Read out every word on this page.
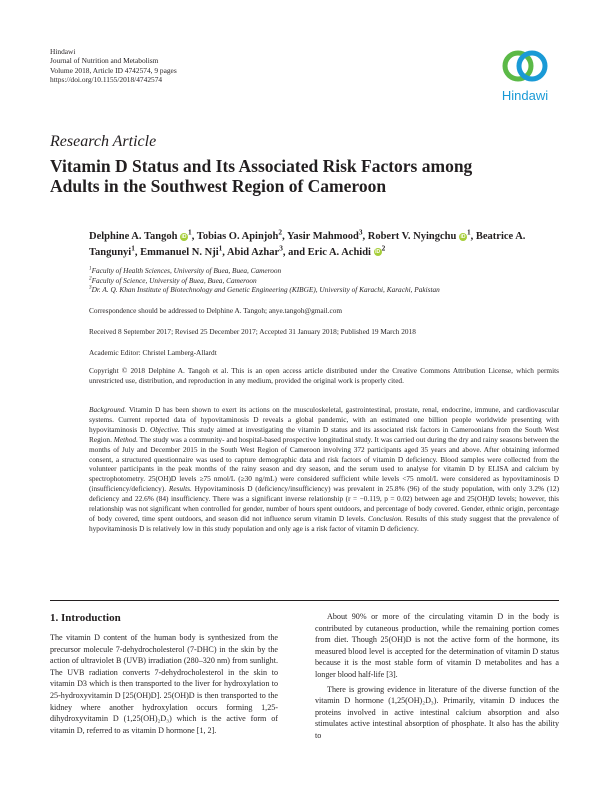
Hindawi
Journal of Nutrition and Metabolism
Volume 2018, Article ID 4742574, 9 pages
https://doi.org/10.1155/2018/4742574
Hindawi
Research Article
Vitamin D Status and Its Associated Risk Factors among Adults in the Southwest Region of Cameroon
Delphine A. Tangoh $iD^1$, Tobias O. Apinjoh$^2$, Yasir Mahmood$^3$, Robert V. Nyingchu $iD^1$, Beatrice A. Tangunyi$^1$, Emmanuel N. Nji$^1$, Abid Azhar$^3$, and Eric A. Achidi $iD^2$
$^1$Faculty of Health Sciences, University of Buea, Buea, Cameroon
$^2$Faculty of Science, University of Buea, Buea, Cameroon
$^3$Dr. A. Q. Khan Institute of Biotechnology and Genetic Engineering (KIBGE), University of Karachi, Karachi, Pakistan
Correspondence should be addressed to Delphine A. Tangoh; anye.tangoh@gmail.com
Received 8 September 2017; Revised 25 December 2017; Accepted 31 January 2018; Published 19 March 2018
Academic Editor: Christel Lamberg-Allardt
Copyright © 2018 Delphine A. Tangoh et al. This is an open access article distributed under the Creative Commons Attribution License, which permits unrestricted use, distribution, and reproduction in any medium, provided the original work is properly cited.
Background. Vitamin D has been shown to exert its actions on the musculoskeletal, gastrointestinal, prostate, renal, endocrine, immune, and cardiovascular systems. Current reported data of hypovitaminosis D reveals a global pandemic, with an estimated one billion people worldwide presenting with hypovitaminosis D. Objective. This study aimed at investigating the vitamin D status and its associated risk factors in Cameroonians from the South West Region. Method. The study was a community- and hospital-based prospective longitudinal study. It was carried out during the dry and rainy seasons between the months of July and December 2015 in the South West Region of Cameroon involving 372 participants aged 35 years and above. After obtaining informed consent, a structured questionnaire was used to capture demographic data and risk factors of vitamin D deficiency. Blood samples were collected from the volunteer participants in the peak months of the rainy season and dry season, and the serum used to analyse for vitamin D by ELISA and calcium by spectrophotometry. 25(OH)D levels ≥75 nmol/L (≥30 ng/mL) were considered sufficient while levels <75 nmol/L were considered as hypovitaminosis D (insufficiency/deficiency). Results. Hypovitaminosis D (deficiency/insufficiency) was prevalent in 25.8% (96) of the study population, with only 3.2% (12) deficiency and 22.6% (84) insufficiency. There was a significant inverse relationship (r = −0.119, p = 0.02) between age and 25(OH)D levels; however, this relationship was not significant when controlled for gender, number of hours spent outdoors, and percentage of body covered. Gender, ethnic origin, percentage of body covered, time spent outdoors, and season did not influence serum vitamin D levels. Conclusion. Results of this study suggest that the prevalence of hypovitaminosis D is relatively low in this study population and only age is a risk factor of vitamin D deficiency.
1. Introduction

The vitamin D content of the human body is synthesized from the precursor molecule 7-dehydrocholesterol (7-DHC) in the skin by the action of ultraviolet B (UVB) irradiation (280–320 nm) from sunlight. The UVB radiation converts 7-dehydrocholesterol in the skin to vitamin D3 which is then transported to the liver for hydroxylation to 25-hydroxyvitamin D [25(OH)D]. 25(OH)D is then transported to the kidney where another hydroxylation occurs forming 1,25-dihydroxyvitamin D (1,25(OH)₂D₃) which is the active form of vitamin D, referred to as vitamin D hormone [1, 2].

About 90% or more of the circulating vitamin D in the body is contributed by cutaneous production, while the remaining portion comes from diet. Though 25(OH)D is not the active form of the hormone, its measured blood level is accepted for the determination of vitamin D status because it is the most stable form of vitamin D metabolites and has a longer blood half-life [3].

There is growing evidence in literature of the diverse function of the vitamin D hormone (1,25(OH)₂D₃). Primarily, vitamin D induces the proteins involved in active intestinal calcium absorption and also stimulates active intestinal absorption of phosphate. It also has the ability to
